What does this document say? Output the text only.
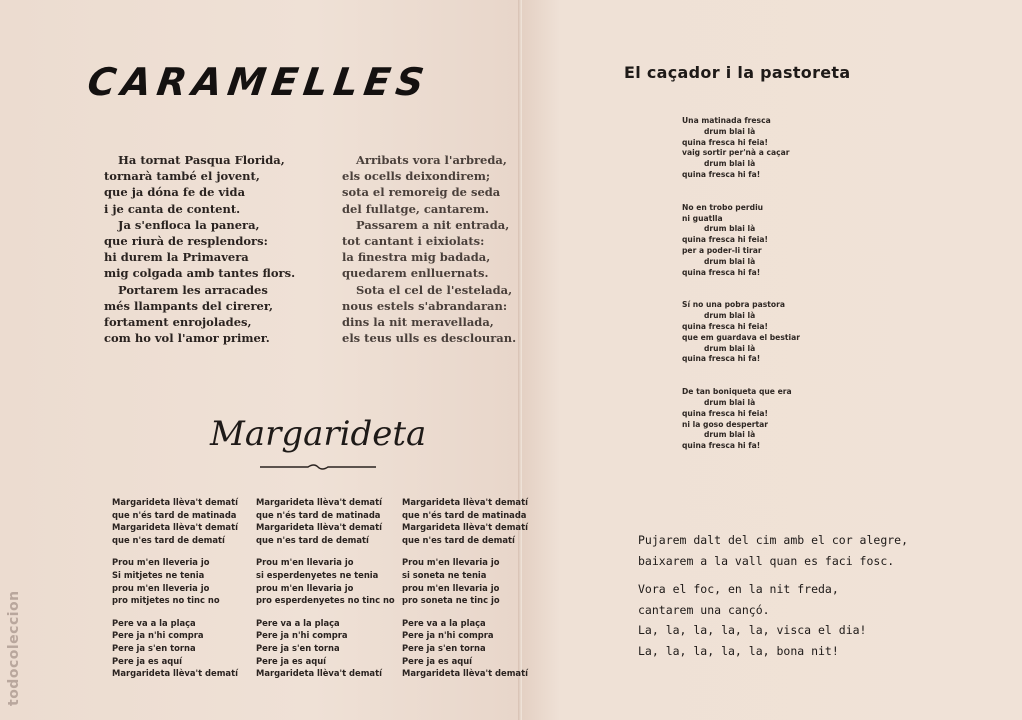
todocoleccion
CARAMELLES

Ha tornat Pasqua Florida,

tornarà també el jovent,

que ja dóna fe de vida

i je canta de content.

Ja s'enfloca la panera,

que riurà de resplendors:

hi durem la Primavera

mig colgada amb tantes flors.

Portarem les arracades

més llampants del cirerer,

fortament enrojolades,

com ho vol l'amor primer.

Arribats vora l'arbreda,

els ocells deixondirem;

sota el remoreig de seda

del fullatge, cantarem.

Passarem a nit entrada,

tot cantant i eixiolats:

la finestra mig badada,

quedarem enlluernats.

Sota el cel de l'estelada,

nous estels s'abrandaran:

dins la nit meravellada,

els teus ulls es desclouran.

Margarideta
Margarideta llèva't dematí
que n'és tard de matinada
Margarideta llèva't dematí
que n'es tard de dematí
Prou m'en lleveria jo
Si mitjetes ne tenia
prou m'en lleveria jo
pro mitjetes no tinc no
Pere va a la plaça
Pere ja n'hi compra
Pere ja s'en torna
Pere ja es aquí
Margarideta llèva't dematí
Margarideta llèva't dematí
que n'és tard de matinada
Margarideta llèva't dematí
que n'es tard de dematí
Prou m'en llevaria jo
si esperdenyetes ne tenia
prou m'en llevaria jo
pro esperdenyetes no tinc no
Pere va a la plaça
Pere ja n'hi compra
Pere ja s'en torna
Pere ja es aquí
Margarideta llèva't dematí
Margarideta llèva't dematí
que n'és tard de matinada
Margarideta llèva't dematí
que n'es tard de dematí
Prou m'en llevaria jo
si soneta ne tenia
prou m'en llevaria jo
pro soneta ne tinc jo
Pere va a la plaça
Pere ja n'hi compra
Pere ja s'en torna
Pere ja es aquí
Margarideta llèva't dematí
El caçador i la pastoreta
Una matinada fresca
drum blai là
quina fresca hi feia!
vaig sortir per'nà a caçar
drum blai là
quina fresca hi fa!
No en trobo perdiu
ni guatlla
drum blai là
quina fresca hi feia!
per a poder-li tirar
drum blai là
quina fresca hi fa!
Sí no una pobra pastora
drum blai là
quina fresca hi feia!
que em guardava el bestiar
drum blai là
quina fresca hi fa!
De tan boniqueta que era
drum blai là
quina fresca hi feia!
ni la goso despertar
drum blai là
quina fresca hi fa!
Pujarem dalt del cim amb el cor alegre,
baixarem a la vall quan es faci fosc.
Vora el foc, en la nit freda,
cantarem una cançó.
La, la, la, la, la, visca el dia!
La, la, la, la, la, bona nit!
